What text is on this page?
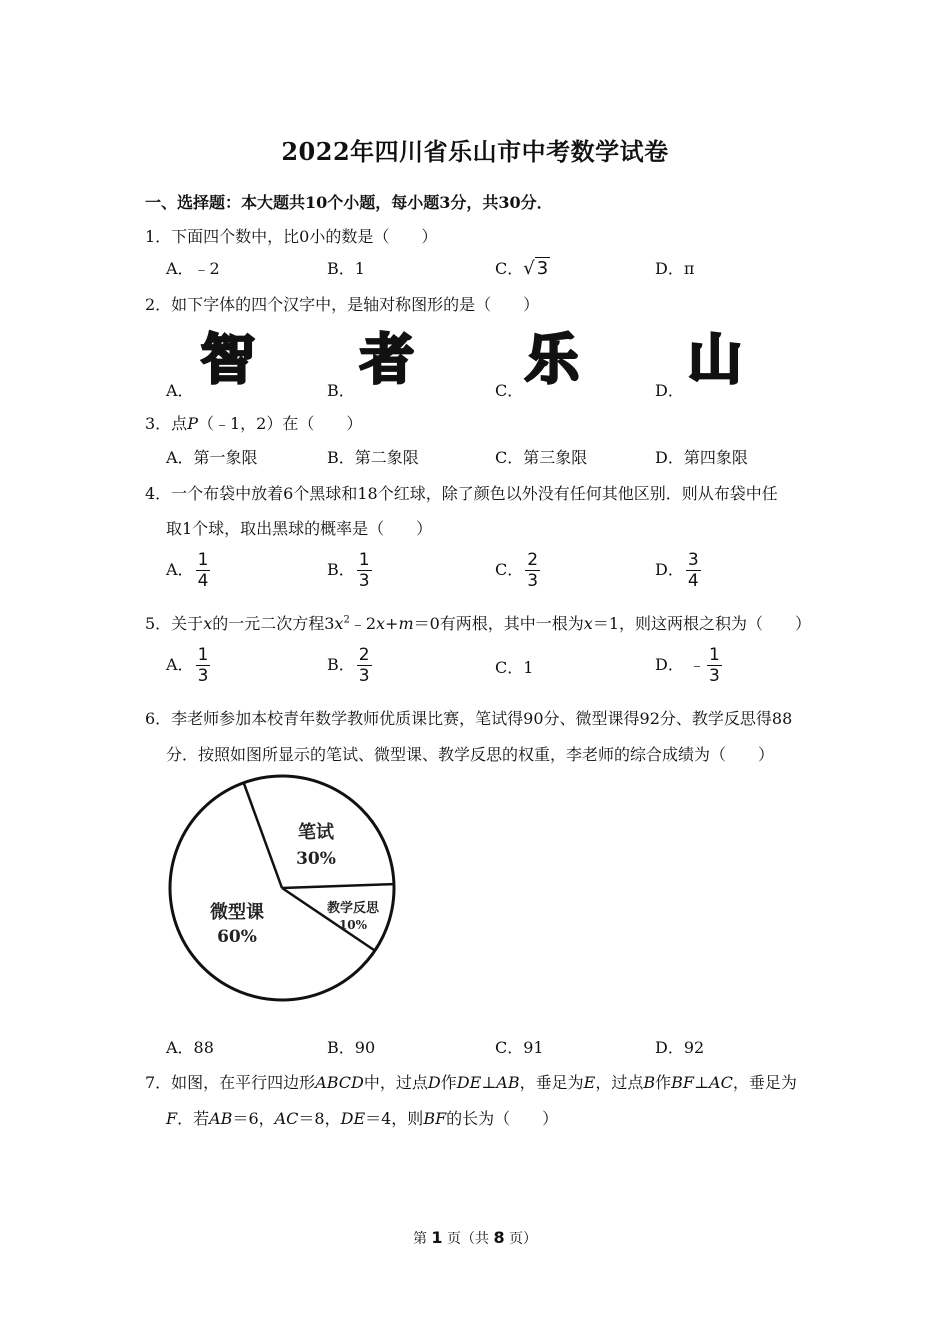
2022年四川省乐山市中考数学试卷
一、选择题：本大题共10个小题，每小题3分，共30分．
1．下面四个数中，比0小的数是（　　）
A．﹣2	B．1	C．√ 3	D．π
2．如下字体的四个汉字中，是轴对称图形的是（　　）
A．	B．	C．	D．
智 者 乐 山
3．点P（﹣1，2）在（　　）
A．第一象限	B．第二象限	C．第三象限	D．第四象限
4．一个布袋中放着6个黑球和18个红球，除了颜色以外没有任何其他区别．则从布袋中任
取1个球，取出黑球的概率是（　　）
A． $\frac{1}{4}$	B． $\frac{1}{3}$	C． $\frac{2}{3}$	D． $\frac{3}{4}$
5．关于x的一元二次方程$3x^2﹣2x+m=0$有两根，其中一根为x＝1，则这两根之积为（　　）
A． $\frac{1}{3}$	B． $\frac{2}{3}$	C．1	D． ﹣ $\frac{1}{3}$
6．李老师参加本校青年数学教师优质课比赛，笔试得90分、微型课得92分、教学反思得88
分．按照如图所显示的笔试、微型课、教学反思的权重，李老师的综合成绩为（　　）
笔试
30%
教学反思
10%
微型课
60%
A．88	B．90	C．91	D．92
7．如图，在平行四边形ABCD中，过点D作DE⊥AB，垂足为E，过点B作BF⊥AC，垂足为
F．若AB＝6，AC＝8，DE＝4，则BF的长为（　　）
第 1 页（共 8 页）
